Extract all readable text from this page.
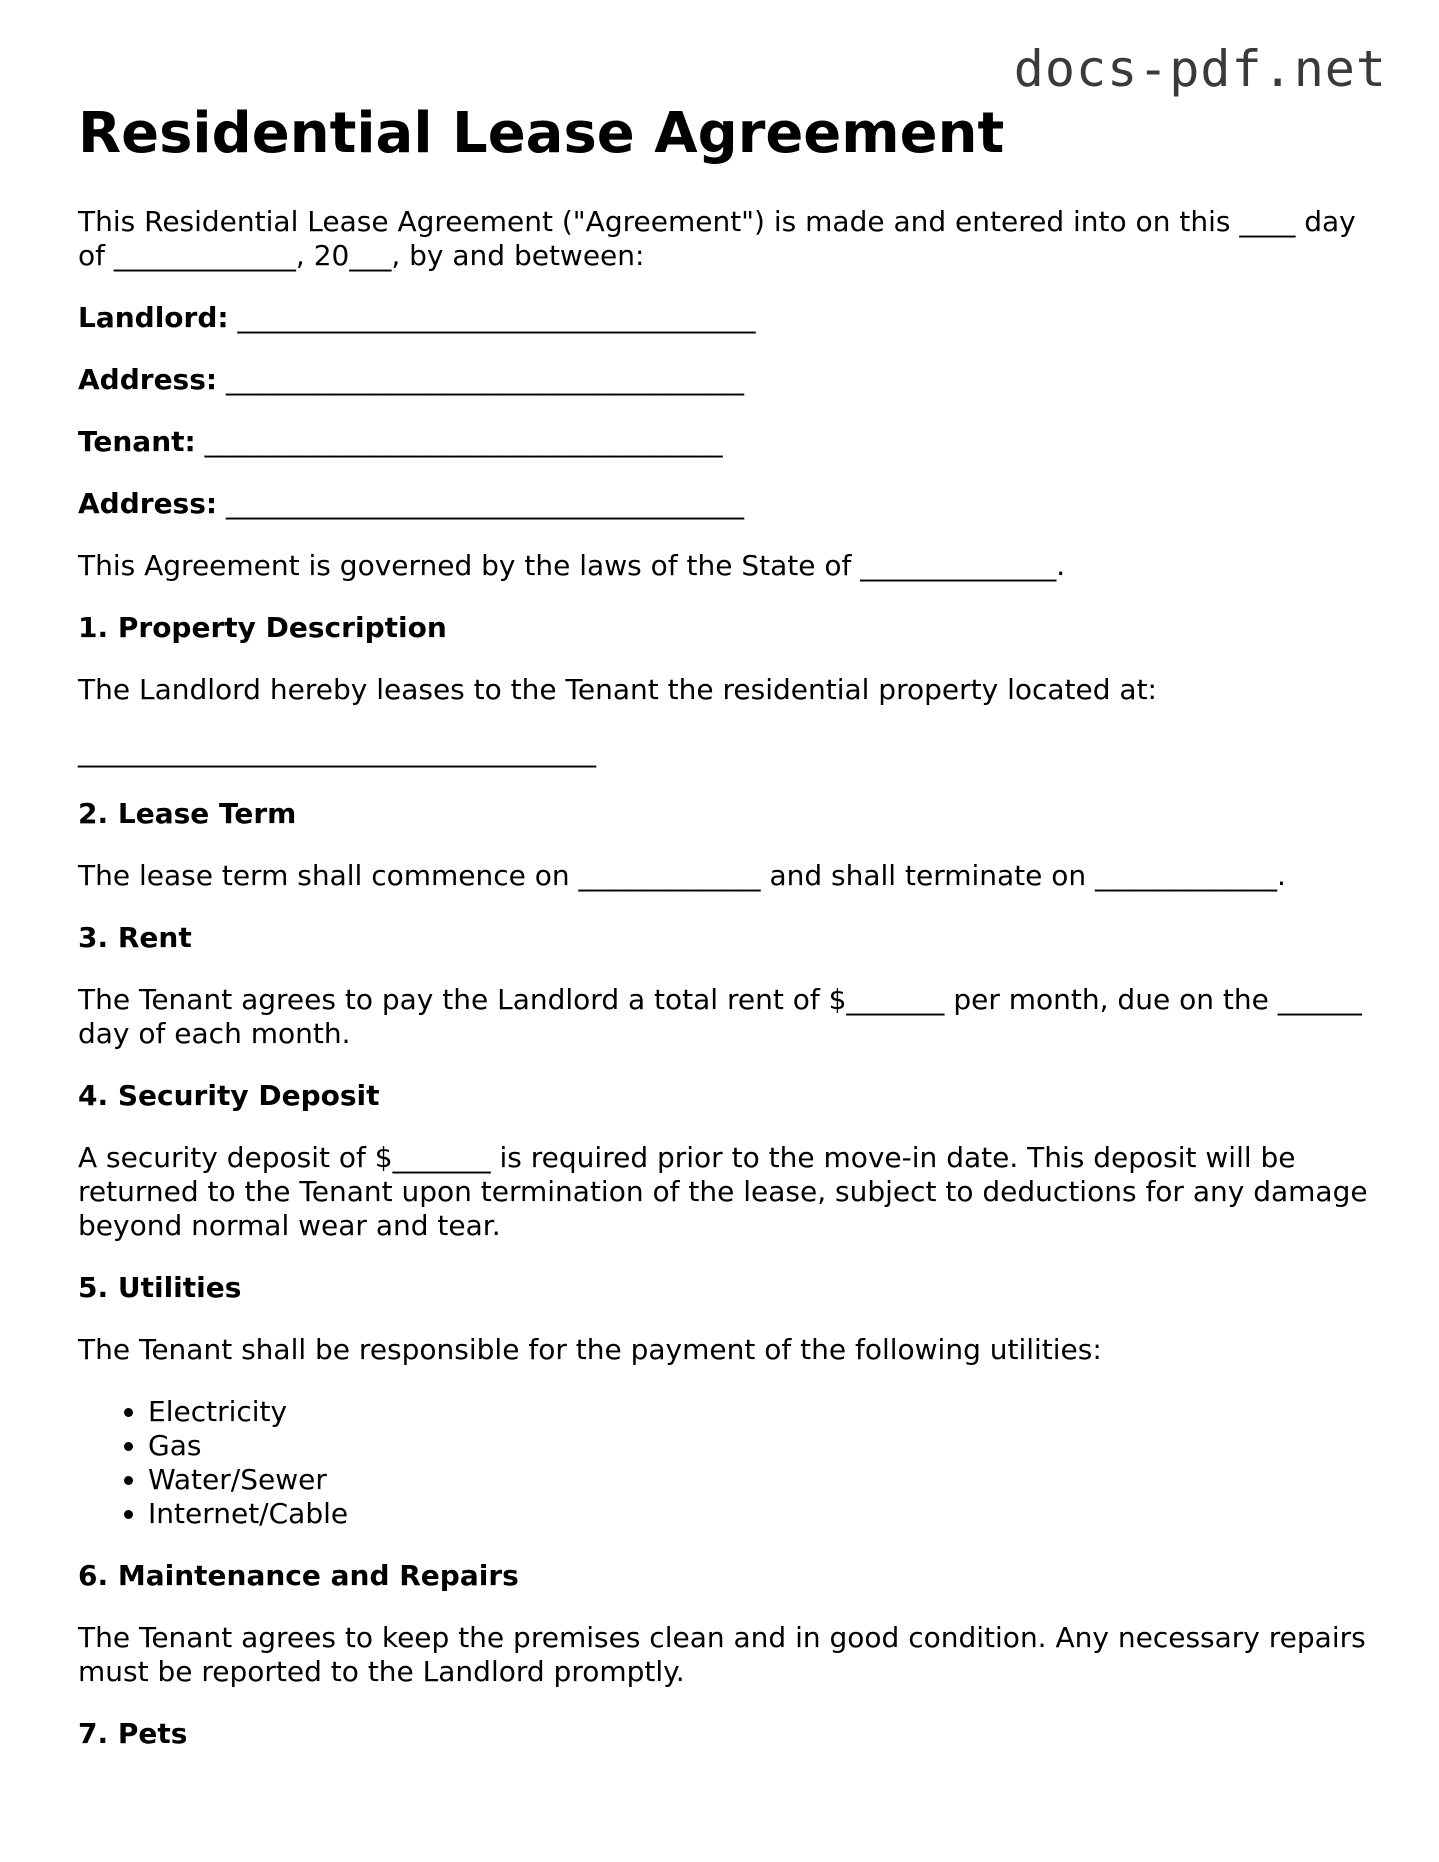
docs-pdf.net
Residential Lease Agreement

This Residential Lease Agreement ("Agreement") is made and entered into on this ____ day of _____________, 20___, by and between:

Landlord: _____________________________________
Address: _____________________________________
Tenant: _____________________________________
Address: _____________________________________

This Agreement is governed by the laws of the State of ______________.

1. Property Description

The Landlord hereby leases to the Tenant the residential property located at:

_____________________________________

2. Lease Term

The lease term shall commence on _____________ and shall terminate on _____________.

3. Rent

The Tenant agrees to pay the Landlord a total rent of $_______ per month, due on the ______ day of each month.

4. Security Deposit

A security deposit of $_______ is required prior to the move-in date. This deposit will be returned to the Tenant upon termination of the lease, subject to deductions for any damage beyond normal wear and tear.

5. Utilities

The Tenant shall be responsible for the payment of the following utilities:

• Electricity
• Gas
• Water/Sewer
• Internet/Cable
6. Maintenance and Repairs

The Tenant agrees to keep the premises clean and in good condition. Any necessary repairs must be reported to the Landlord promptly.

7. Pets
